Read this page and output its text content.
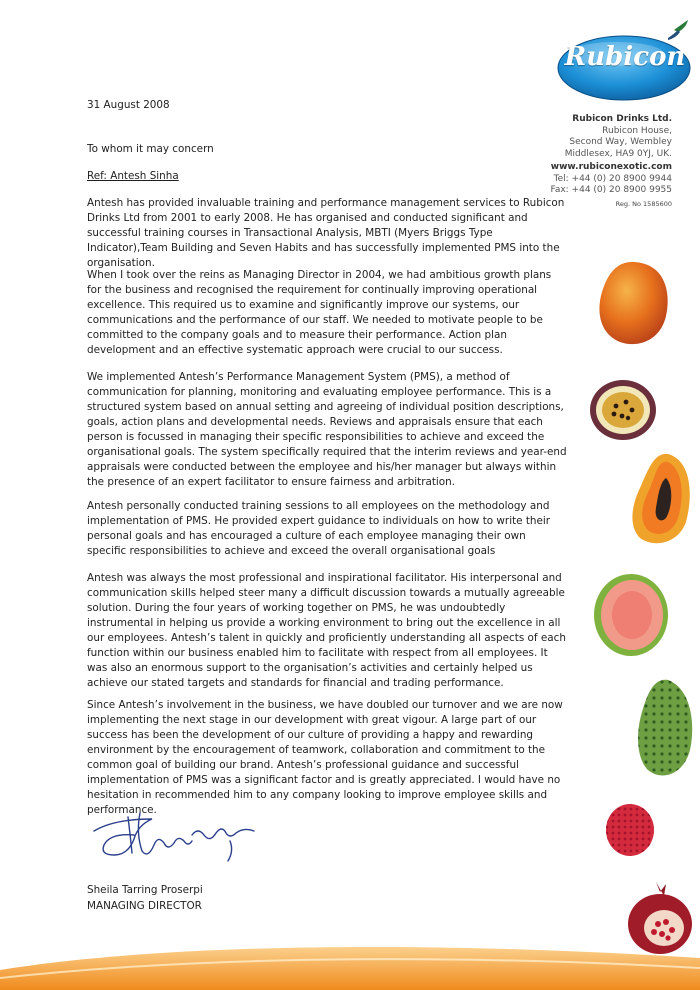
Rubicon
Rubicon Drinks Ltd.
Rubicon House,
Second Way, Wembley
Middlesex, HA9 0YJ, UK.
www.rubiconexotic.com
Tel: +44 (0) 20 8900 9944
Fax: +44 (0) 20 8900 9955
Reg. No 1585600
31 August 2008
To whom it may concern
Ref: Antesh Sinha

Antesh has provided invaluable training and performance management services to Rubicon Drinks Ltd from 2001 to early 2008. He has organised and conducted significant and successful training courses in Transactional Analysis, MBTI (Myers Briggs Type Indicator),Team Building and Seven Habits and has successfully implemented PMS into the organisation.

When I took over the reins as Managing Director in 2004, we had ambitious growth plans for the business and recognised the requirement for continually improving operational excellence. This required us to examine and significantly improve our systems, our communications and the performance of our staff. We needed to motivate people to be committed to the company goals and to measure their performance. Action plan development and an effective systematic approach were crucial to our success.

We implemented Antesh’s Performance Management System (PMS), a method of communication for planning, monitoring and evaluating employee performance. This is a structured system based on annual setting and agreeing of individual position descriptions, goals, action plans and developmental needs. Reviews and appraisals ensure that each person is focussed in managing their specific responsibilities to achieve and exceed the organisational goals. The system specifically required that the interim reviews and year-end appraisals were conducted between the employee and his/her manager but always within the presence of an expert facilitator to ensure fairness and arbitration.

Antesh personally conducted training sessions to all employees on the methodology and implementation of PMS. He provided expert guidance to individuals on how to write their personal goals and has encouraged a culture of each employee managing their own specific responsibilities to achieve and exceed the overall organisational goals

Antesh was always the most professional and inspirational facilitator. His interpersonal and communication skills helped steer many a difficult discussion towards a mutually agreeable solution. During the four years of working together on PMS, he was undoubtedly instrumental in helping us provide a working environment to bring out the excellence in all our employees. Antesh’s talent in quickly and proficiently understanding all aspects of each function within our business enabled him to facilitate with respect from all employees. It was also an enormous support to the organisation’s activities and certainly helped us achieve our stated targets and standards for financial and trading performance.

Since Antesh’s involvement in the business, we have doubled our turnover and we are now implementing the next stage in our development with great vigour. A large part of our success has been the development of our culture of providing a happy and rewarding environment by the encouragement of teamwork, collaboration and commitment to the common goal of building our brand. Antesh’s professional guidance and successful implementation of PMS was a significant factor and is greatly appreciated. I would have no hesitation in recommended him to any company looking to improve employee skills and performance.

Sheila Tarring Proserpi
MANAGING DIRECTOR
